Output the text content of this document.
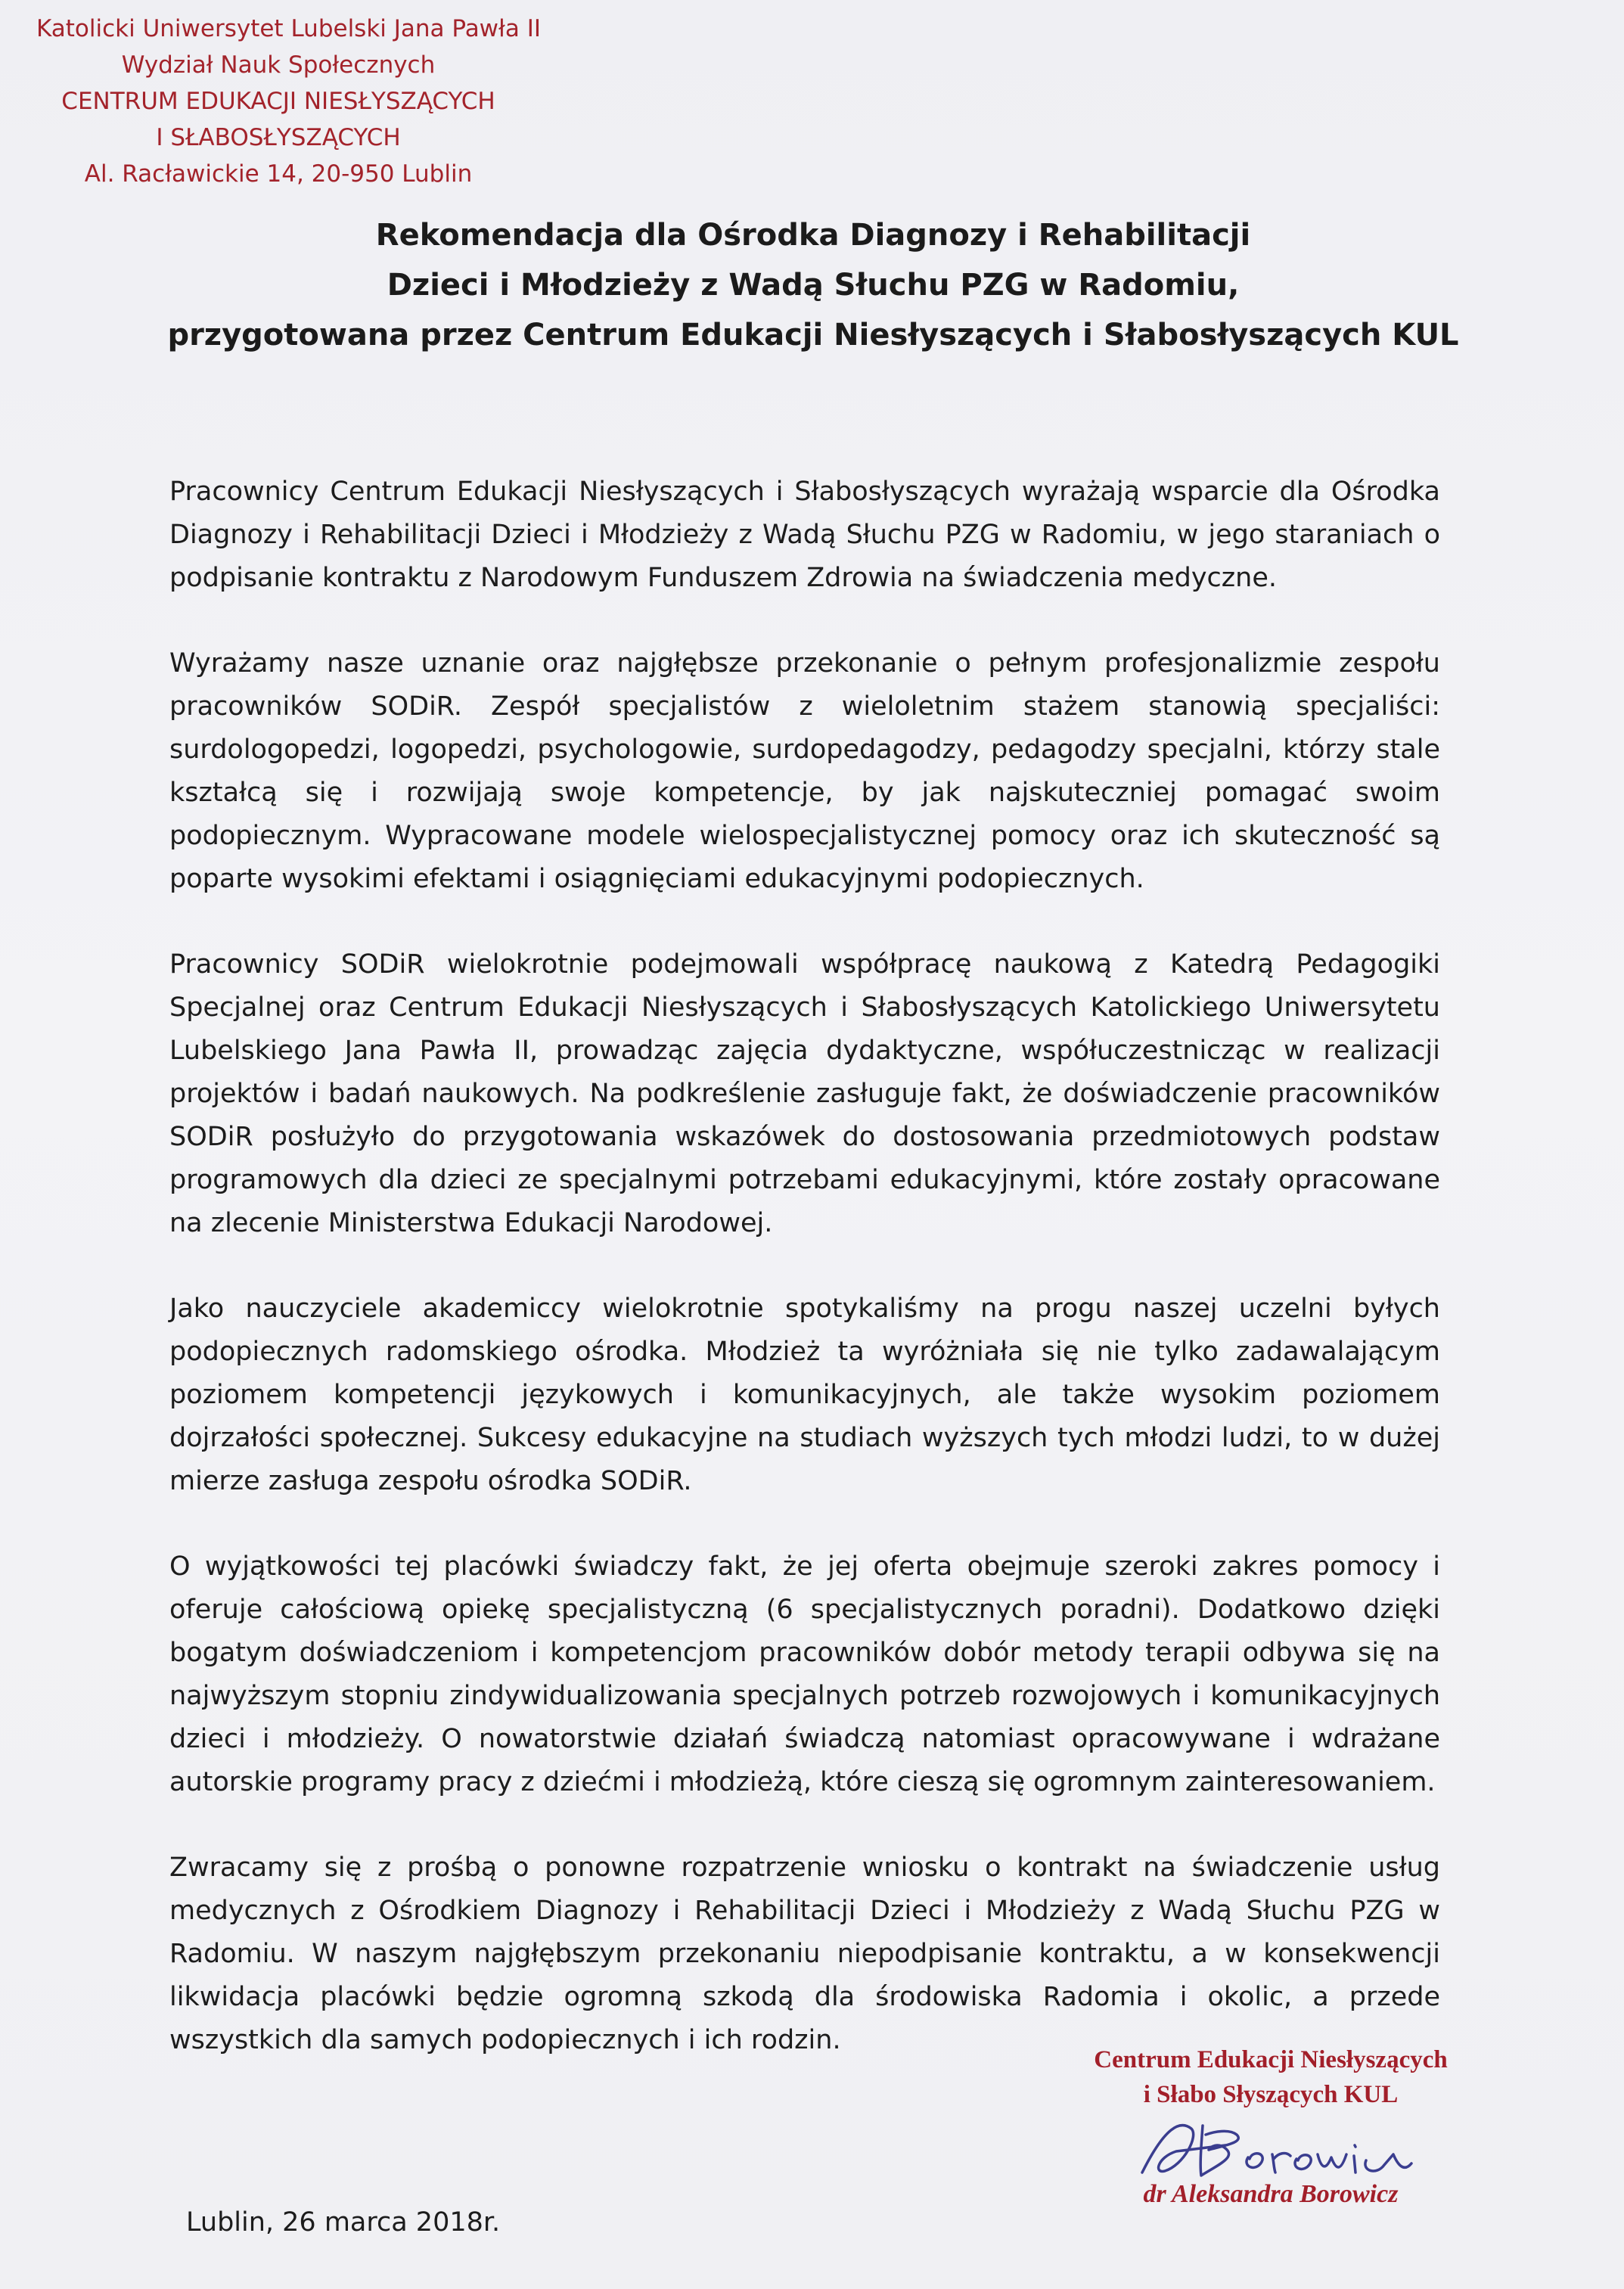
Katolicki Uniwersytet Lubelski Jana Pawła II
Wydział Nauk Społecznych
CENTRUM EDUKACJI NIESŁYSZĄCYCH
I SŁABOSŁYSZĄCYCH
Al. Racławickie 14, 20-950 Lublin
Rekomendacja dla Ośrodka Diagnozy i Rehabilitacji
Dzieci i Młodzieży z Wadą Słuchu PZG w Radomiu,
przygotowana przez Centrum Edukacji Niesłyszących i Słabosłyszących KUL

Pracownicy Centrum Edukacji Niesłyszących i Słabosłyszących wyrażają wsparcie dla Ośrodka Diagnozy i Rehabilitacji Dzieci i Młodzieży z Wadą Słuchu PZG w Radomiu, w jego staraniach o podpisanie kontraktu z Narodowym Funduszem Zdrowia na świadczenia medyczne.

Wyrażamy nasze uznanie oraz najgłębsze przekonanie o pełnym profesjonalizmie zespołu pracowników SODiR. Zespół specjalistów z wieloletnim stażem stanowią specjaliści: surdologopedzi, logopedzi, psychologowie, surdopedagodzy, pedagodzy specjalni, którzy stale kształcą się i rozwijają swoje kompetencje, by jak najskuteczniej pomagać swoim podopiecznym. Wypracowane modele wielospecjalistycznej pomocy oraz ich skuteczność są poparte wysokimi efektami i osiągnięciami edukacyjnymi podopiecznych.

Pracownicy SODiR wielokrotnie podejmowali współpracę naukową z Katedrą Pedagogiki Specjalnej oraz Centrum Edukacji Niesłyszących i Słabosłyszących Katolickiego Uniwersytetu Lubelskiego Jana Pawła II, prowadząc zajęcia dydaktyczne, współuczestnicząc w realizacji projektów i badań naukowych. Na podkreślenie zasługuje fakt, że doświadczenie pracowników SODiR posłużyło do przygotowania wskazówek do dostosowania przedmiotowych podstaw programowych dla dzieci ze specjalnymi potrzebami edukacyjnymi, które zostały opracowane na zlecenie Ministerstwa Edukacji Narodowej.

Jako nauczyciele akademiccy wielokrotnie spotykaliśmy na progu naszej uczelni byłych podopiecznych radomskiego ośrodka. Młodzież ta wyróżniała się nie tylko zadawalającym poziomem kompetencji językowych i komunikacyjnych, ale także wysokim poziomem dojrzałości społecznej. Sukcesy edukacyjne na studiach wyższych tych młodzi ludzi, to w dużej mierze zasługa zespołu ośrodka SODiR.

O wyjątkowości tej placówki świadczy fakt, że jej oferta obejmuje szeroki zakres pomocy i oferuje całościową opiekę specjalistyczną (6 specjalistycznych poradni). Dodatkowo dzięki bogatym doświadczeniom i kompetencjom pracowników dobór metody terapii odbywa się na najwyższym stopniu zindywidualizowania specjalnych potrzeb rozwojowych i komunikacyjnych dzieci i młodzieży. O nowatorstwie działań świadczą natomiast opracowywane i wdrażane autorskie programy pracy z dziećmi i młodzieżą, które cieszą się ogromnym zainteresowaniem.

Zwracamy się z prośbą o ponowne rozpatrzenie wniosku o kontrakt na świadczenie usług medycznych z Ośrodkiem Diagnozy i Rehabilitacji Dzieci i Młodzieży z Wadą Słuchu PZG w Radomiu. W naszym najgłębszym przekonaniu niepodpisanie kontraktu, a w konsekwencji likwidacja placówki będzie ogromną szkodą dla środowiska Radomia i okolic, a przede wszystkich dla samych podopiecznych i ich rodzin.

Centrum Edukacji Niesłyszących
i Słabo Słyszących KUL
dr Aleksandra Borowicz
Lublin, 26 marca 2018r.
